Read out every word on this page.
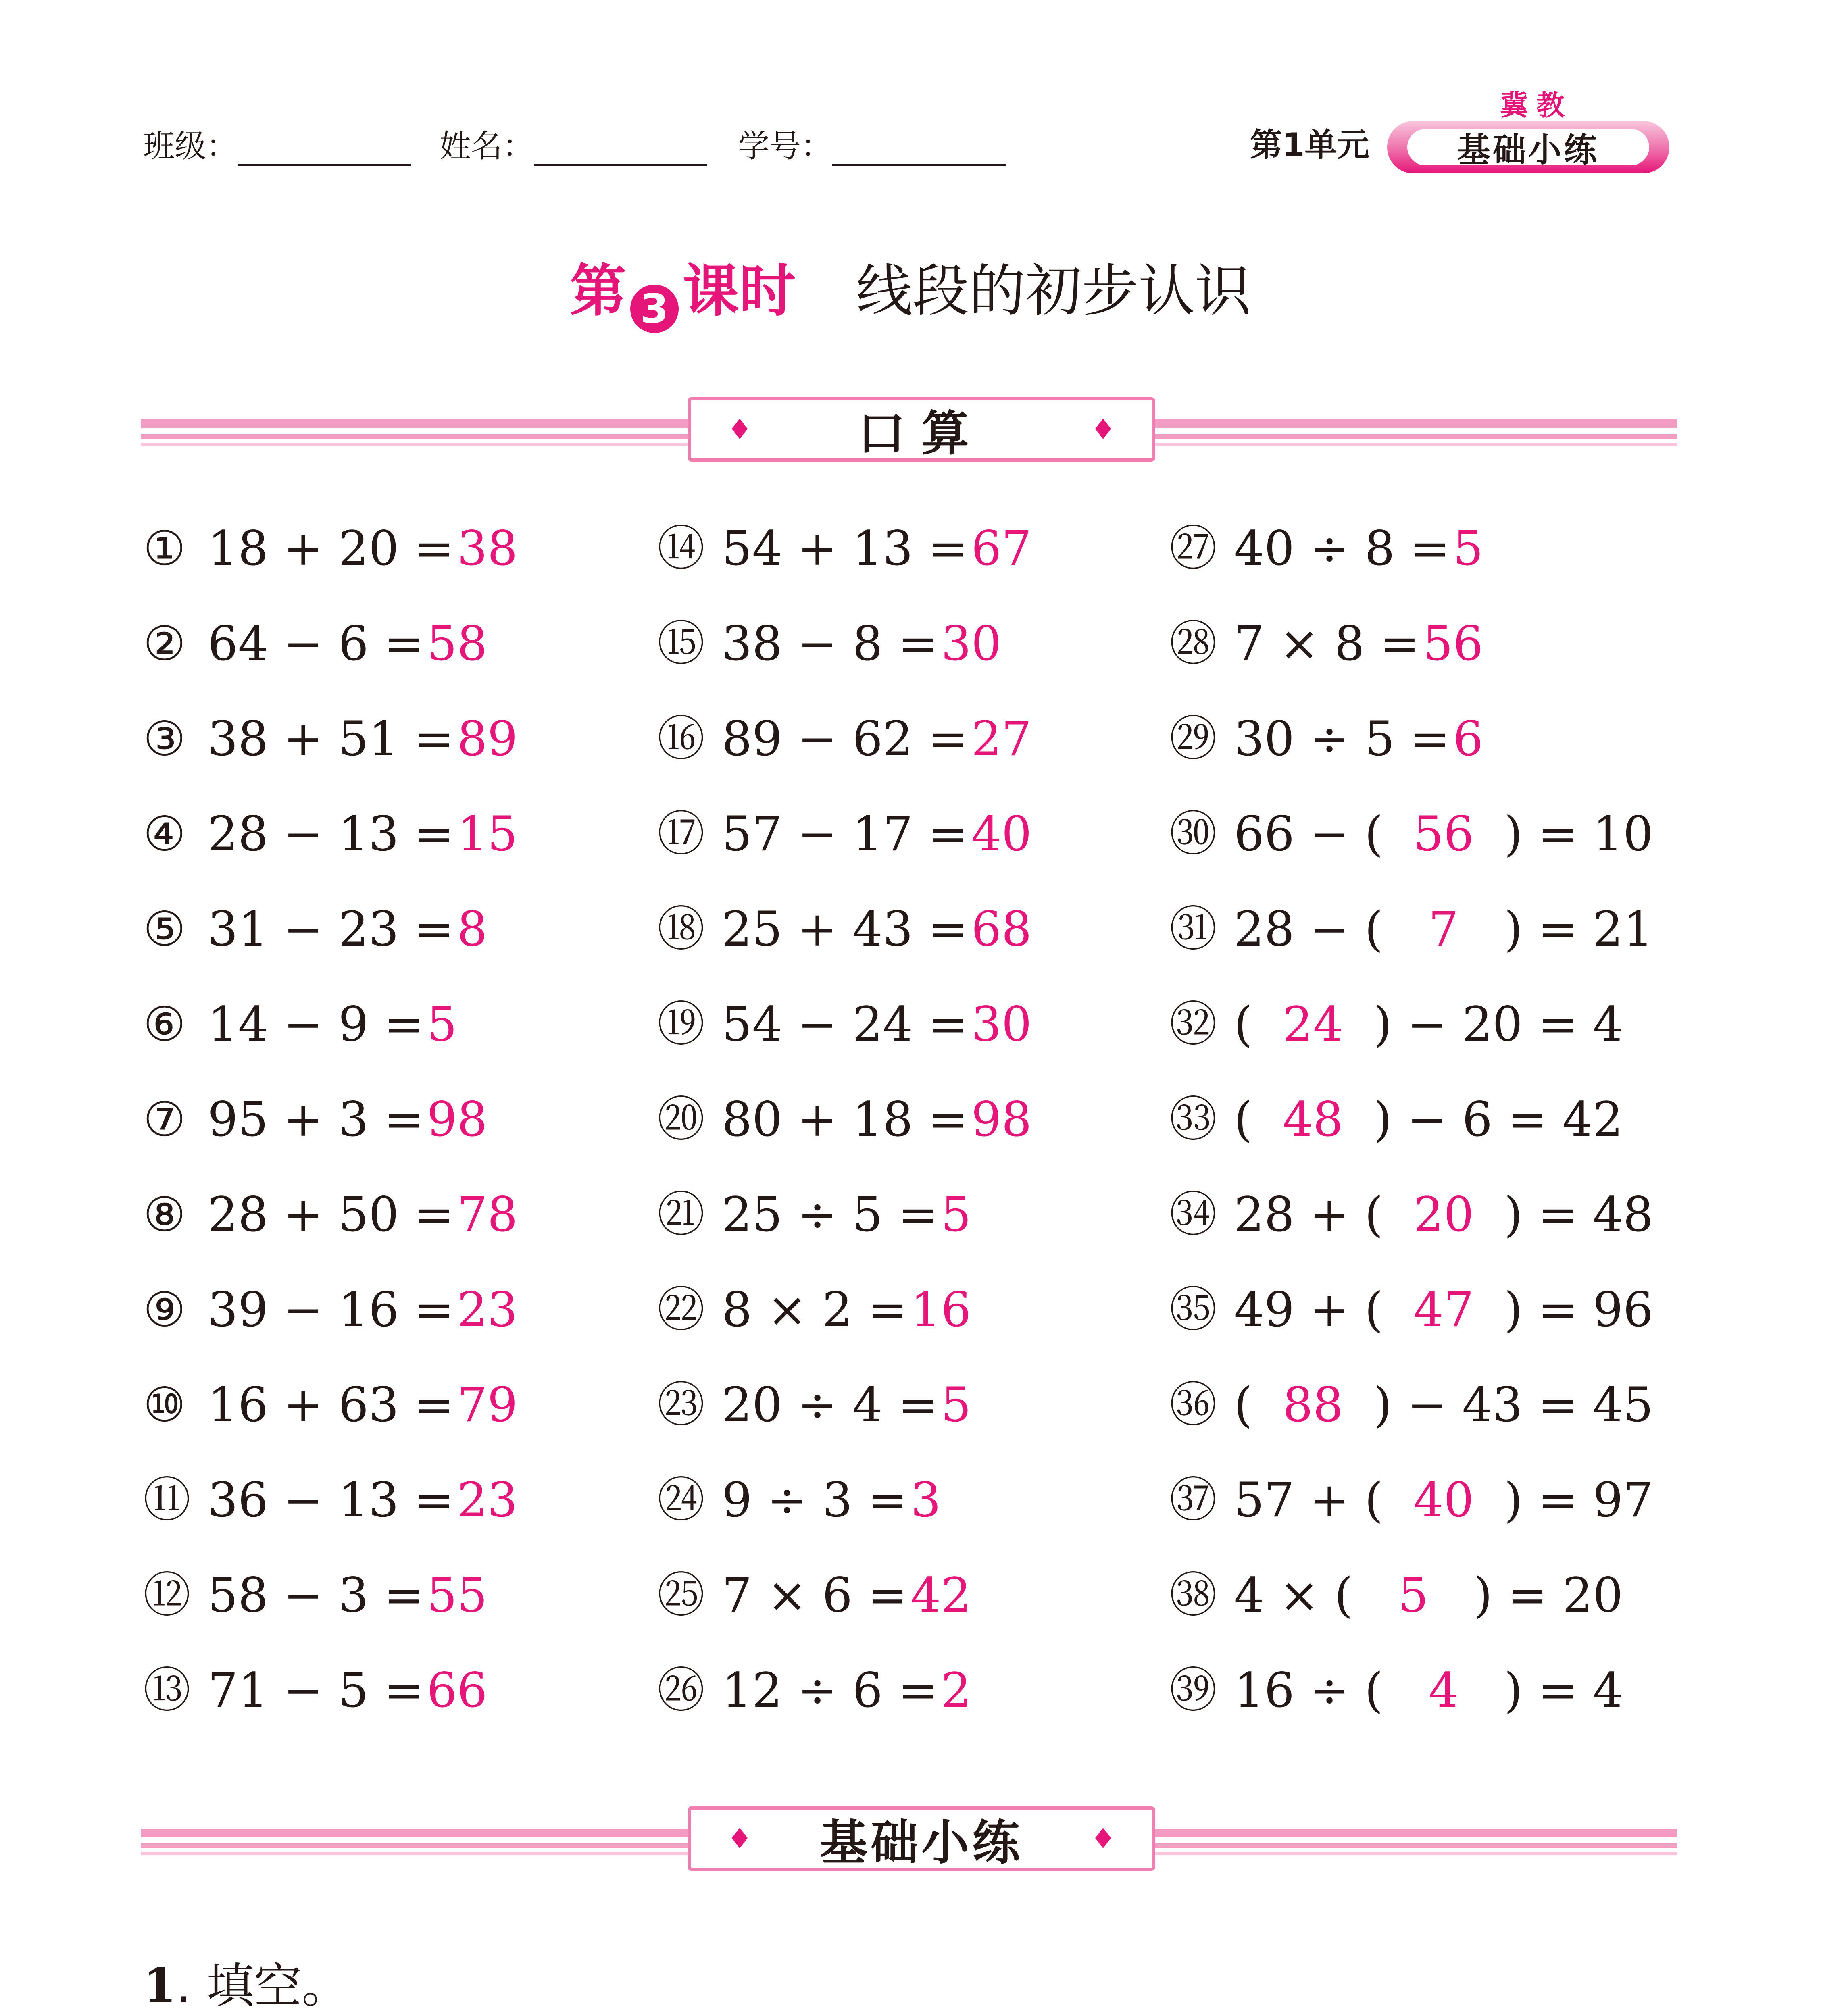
班级：	姓名：	学号：	第1单元	基础小练
冀教
第 3 课时 线段的初步认识
♦ 口算	♦
① 18 + 20 =38
② 64 − 6 =58
③ 38 + 51 =89
④ 28 − 13 =15
⑤ 31 − 23 =8
⑥ 14 − 9 =5
⑦ 95 + 3 =98
⑧ 28 + 50 =78
⑨ 39 − 16 =23
⑩ 16 + 63 =79
⑪ 36 − 13 =23
⑫ 58 − 3 =55
⑬ 71 − 5 =66
⑭ 54 + 13 =67
⑮ 38 − 8 =30
⑯ 89 − 62 =27
⑰ 57 − 17 =40
⑱ 25 + 43 =68
⑲ 54 − 24 =30
⑳ 80 + 18 =98
㉑ 25 ÷ 5 =5
㉒ 8 × 2 =16
㉓ 20 ÷ 4 =5
㉔ 9 ÷ 3 =3
㉕ 7 × 6 =42
㉖ 12 ÷ 6 =2
㉗ 40 ÷ 8 =5
㉘ 7 × 8 =56
㉙ 30 ÷ 5 =6
㉚ 66 − ( 56 ) = 10
㉛ 28 − ( 7 ) = 21
㉜ ( 24 ) − 20 = 4
㉝ ( 48 ) − 6 = 42
㉞ 28 + ( 20 ) = 48
㉟ 49 + ( 47 ) = 96
㊱ ( 88 ) − 43 = 45
㊲ 57 + ( 40 ) = 97
㊳ 4 × ( 5 ) = 20
㊴ 16 ÷ ( 4 ) = 4
♦ 基础小练 ♦
1. 填空。
